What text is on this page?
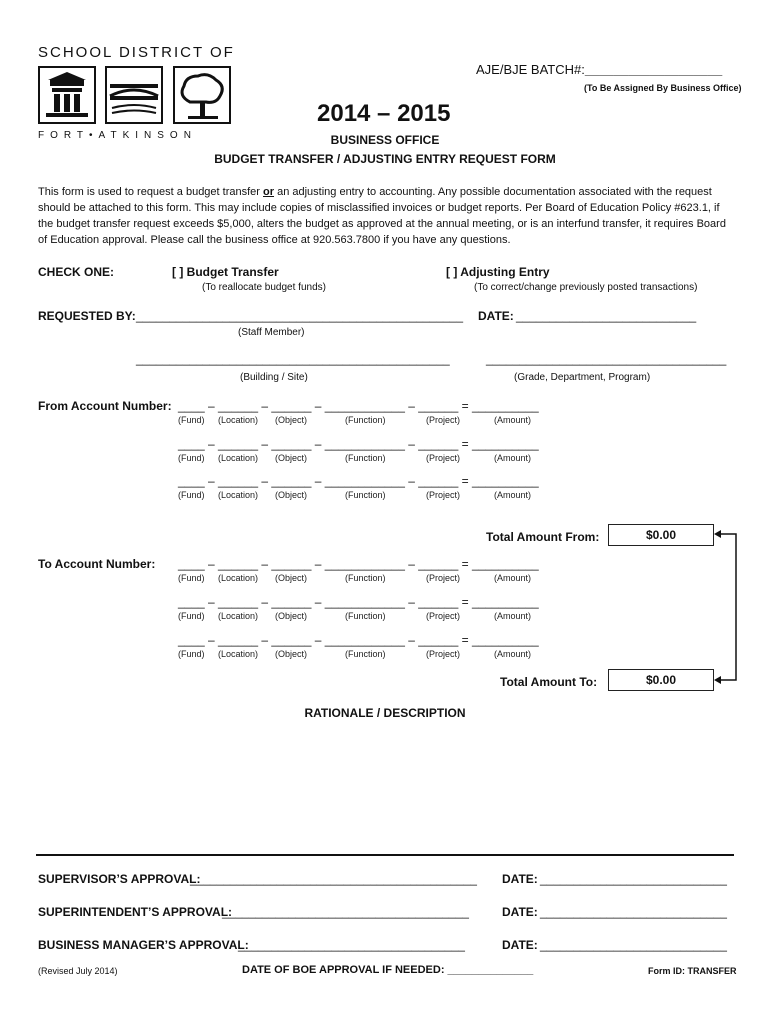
SCHOOL DISTRICT OF
FORT•ATKINSON
AJE/BJE BATCH#:___________________
(To Be Assigned By Business Office)
2014 – 2015
BUSINESS OFFICE
BUDGET TRANSFER / ADJUSTING ENTRY REQUEST FORM
This form is used to request a budget transfer or an adjusting entry to accounting. Any possible documentation associated with the request should be attached to this form. This may include copies of misclassified invoices or budget reports. Per Board of Education Policy #623.1, if the budget transfer request exceeds $5,000, alters the budget as approved at the annual meeting, or is an interfund transfer, it requires Board of Education approval. Please call the business office at 920.563.7800 if you have any questions.
CHECK ONE:	[ ] Budget Transfer
(To reallocate budget funds)
[ ] Adjusting Entry
(To correct/change previously posted transactions)
REQUESTED BY: _________________________________________________
(Staff Member)
DATE: ___________________________
_______________________________________________
(Building / Site)
____________________________________
(Grade, Department, Program)
From Account Number: ____ – ______ – ______ – ____________ – ______ = __________
(Fund) (Location) (Object)	(Function)	(Project)	(Amount)
____ – ______ – ______ – ____________ – ______ = __________
(Fund) (Location) (Object)	(Function)	(Project)	(Amount)
____ – ______ – ______ – ____________ – ______ = __________
(Fund) (Location) (Object)	(Function)	(Project)	(Amount)
Total Amount From:	$0.00
To Account Number: ____ – ______ – ______ – ____________ – ______ = __________
(Fund) (Location) (Object)	(Function)	(Project)	(Amount)
____ – ______ – ______ – ____________ – ______ = __________
(Fund) (Location) (Object)	(Function)	(Project)	(Amount)
____ – ______ – ______ – ____________ – ______ = __________
(Fund) (Location) (Object)	(Function)	(Project)	(Amount)
Total Amount To:	$0.00
RATIONALE / DESCRIPTION
SUPERVISOR’S APPROVAL:
___________________________________________ DATE: ____________________________
SUPERINTENDENT’S APPROVAL:
_____________________________________	DATE: ____________________________
BUSINESS MANAGER’S APPROVAL:
__________________________________	DATE: ____________________________
(Revised July 2014)	DATE OF BOE APPROVAL IF NEEDED: ______________	Form ID: TRANSFER
